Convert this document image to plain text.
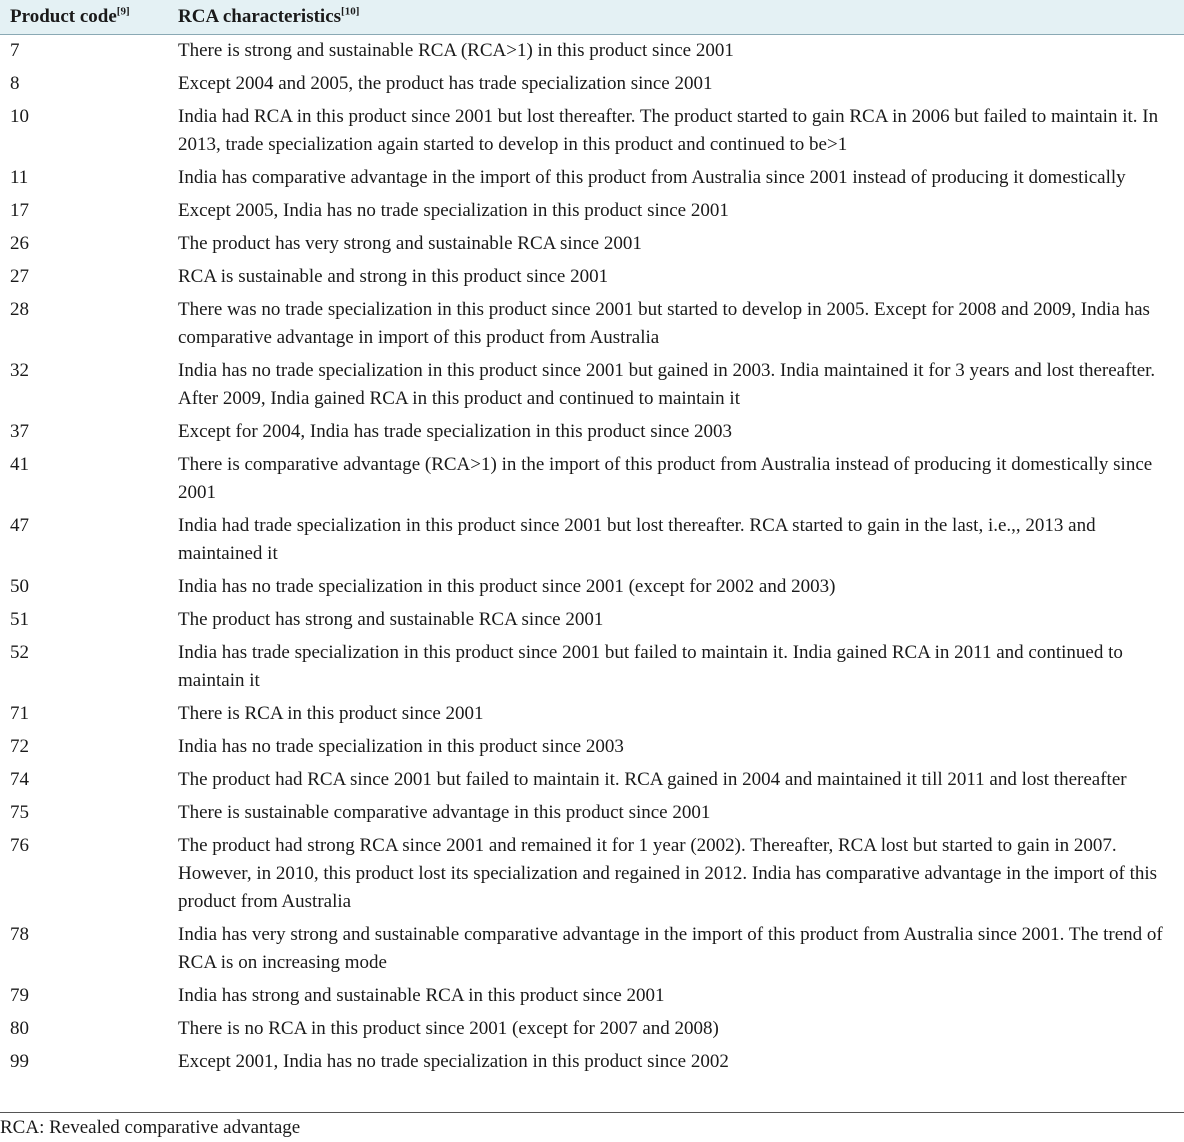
Product code[9]	RCA characteristics[10]
7	There is strong and sustainable RCA (RCA>1) in this product since 2001
8	Except 2004 and 2005, the product has trade specialization since 2001
10	India had RCA in this product since 2001 but lost thereafter. The product started to gain RCA in 2006 but failed to maintain it. In 2013, trade specialization again started to develop in this product and continued to be>1
11	India has comparative advantage in the import of this product from Australia since 2001 instead of producing it domestically
17	Except 2005, India has no trade specialization in this product since 2001
26	The product has very strong and sustainable RCA since 2001
27	RCA is sustainable and strong in this product since 2001
28	There was no trade specialization in this product since 2001 but started to develop in 2005. Except for 2008 and 2009, India has comparative advantage in import of this product from Australia
32	India has no trade specialization in this product since 2001 but gained in 2003. India maintained it for 3 years and lost thereafter. After 2009, India gained RCA in this product and continued to maintain it
37	Except for 2004, India has trade specialization in this product since 2003
41	There is comparative advantage (RCA>1) in the import of this product from Australia instead of producing it domestically since 2001
47	India had trade specialization in this product since 2001 but lost thereafter. RCA started to gain in the last, i.e.,, 2013 and maintained it
50	India has no trade specialization in this product since 2001 (except for 2002 and 2003)
51	The product has strong and sustainable RCA since 2001
52	India has trade specialization in this product since 2001 but failed to maintain it. India gained RCA in 2011 and continued to maintain it
71	There is RCA in this product since 2001
72	India has no trade specialization in this product since 2003
74	The product had RCA since 2001 but failed to maintain it. RCA gained in 2004 and maintained it till 2011 and lost thereafter
75	There is sustainable comparative advantage in this product since 2001
76	The product had strong RCA since 2001 and remained it for 1 year (2002). Thereafter, RCA lost but started to gain in 2007. However, in 2010, this product lost its specialization and regained in 2012. India has comparative advantage in the import of this product from Australia
78	India has very strong and sustainable comparative advantage in the import of this product from Australia since 2001. The trend of RCA is on increasing mode
79	India has strong and sustainable RCA in this product since 2001
80	There is no RCA in this product since 2001 (except for 2007 and 2008)
99	Except 2001, India has no trade specialization in this product since 2002
RCA: Revealed comparative advantage
